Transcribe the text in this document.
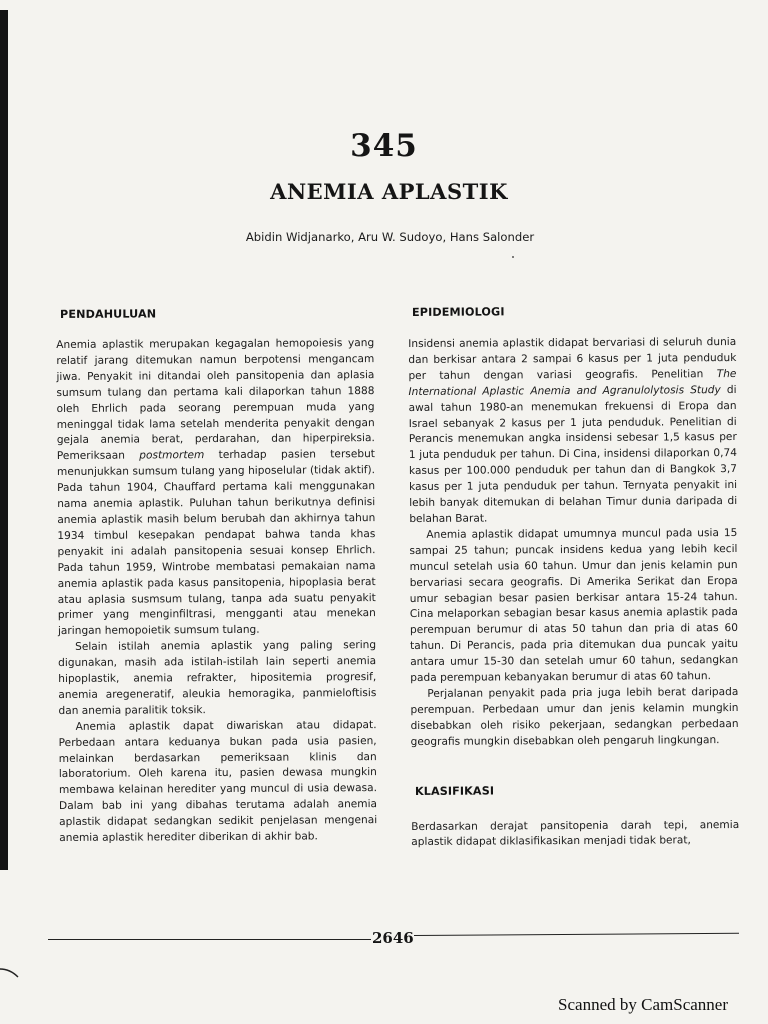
345
ANEMIA APLASTIK
Abidin Widjanarko, Aru W. Sudoyo, Hans Salonder
PENDAHULUAN

Anemia aplastik merupakan kegagalan hemopoiesis yang relatif jarang ditemukan namun berpotensi mengancam jiwa. Penyakit ini ditandai oleh pansitopenia dan aplasia sumsum tulang dan pertama kali dilaporkan tahun 1888 oleh Ehrlich pada seorang perempuan muda yang meninggal tidak lama setelah menderita penyakit dengan gejala anemia berat, perdarahan, dan hiperpireksia. Pemeriksaan postmortem terhadap pasien tersebut menunjukkan sumsum tulang yang hiposelular (tidak aktif). Pada tahun 1904, Chauffard pertama kali menggunakan nama anemia aplastik. Puluhan tahun berikutnya definisi anemia aplastik masih belum berubah dan akhirnya tahun 1934 timbul kesepakan pendapat bahwa tanda khas penyakit ini adalah pansitopenia sesuai konsep Ehrlich. Pada tahun 1959, Wintrobe membatasi pemakaian nama anemia aplastik pada kasus pansitopenia, hipoplasia berat atau aplasia susmsum tulang, tanpa ada suatu penyakit primer yang menginfiltrasi, mengganti atau menekan jaringan hemopoietik sumsum tulang.

Selain istilah anemia aplastik yang paling sering digunakan, masih ada istilah-istilah lain seperti anemia hipoplastik, anemia refrakter, hipositemia progresif, anemia aregeneratif, aleukia hemoragika, panmieloftisis dan anemia paralitik toksik.

Anemia aplastik dapat diwariskan atau didapat. Perbedaan antara keduanya bukan pada usia pasien, melainkan berdasarkan pemeriksaan klinis dan laboratorium. Oleh karena itu, pasien dewasa mungkin membawa kelainan herediter yang muncul di usia dewasa. Dalam bab ini yang dibahas terutama adalah anemia aplastik didapat sedangkan sedikit penjelasan mengenai anemia aplastik herediter diberikan di akhir bab.

EPIDEMIOLOGI

Insidensi anemia aplastik didapat bervariasi di seluruh dunia dan berkisar antara 2 sampai 6 kasus per 1 juta penduduk per tahun dengan variasi geografis. Penelitian The International Aplastic Anemia and Agranulolytosis Study di awal tahun 1980-an menemukan frekuensi di Eropa dan Israel sebanyak 2 kasus per 1 juta penduduk. Penelitian di Perancis menemukan angka insidensi sebesar 1,5 kasus per 1 juta penduduk per tahun. Di Cina, insidensi dilaporkan 0,74 kasus per 100.000 penduduk per tahun dan di Bangkok 3,7 kasus per 1 juta penduduk per tahun. Ternyata penyakit ini lebih banyak ditemukan di belahan Timur dunia daripada di belahan Barat.

Anemia aplastik didapat umumnya muncul pada usia 15 sampai 25 tahun; puncak insidens kedua yang lebih kecil muncul setelah usia 60 tahun. Umur dan jenis kelamin pun bervariasi secara geografis. Di Amerika Serikat dan Eropa umur sebagian besar pasien berkisar antara 15-24 tahun. Cina melaporkan sebagian besar kasus anemia aplastik pada perempuan berumur di atas 50 tahun dan pria di atas 60 tahun. Di Perancis, pada pria ditemukan dua puncak yaitu antara umur 15-30 dan setelah umur 60 tahun, sedangkan pada perempuan kebanyakan berumur di atas 60 tahun.

Perjalanan penyakit pada pria juga lebih berat daripada perempuan. Perbedaan umur dan jenis kelamin mungkin disebabkan oleh risiko pekerjaan, sedangkan perbedaan geografis mungkin disebabkan oleh pengaruh lingkungan.

KLASIFIKASI

Berdasarkan derajat pansitopenia darah tepi, anemia aplastik didapat diklasifikasikan menjadi tidak berat,

2646
Scanned by CamScanner
